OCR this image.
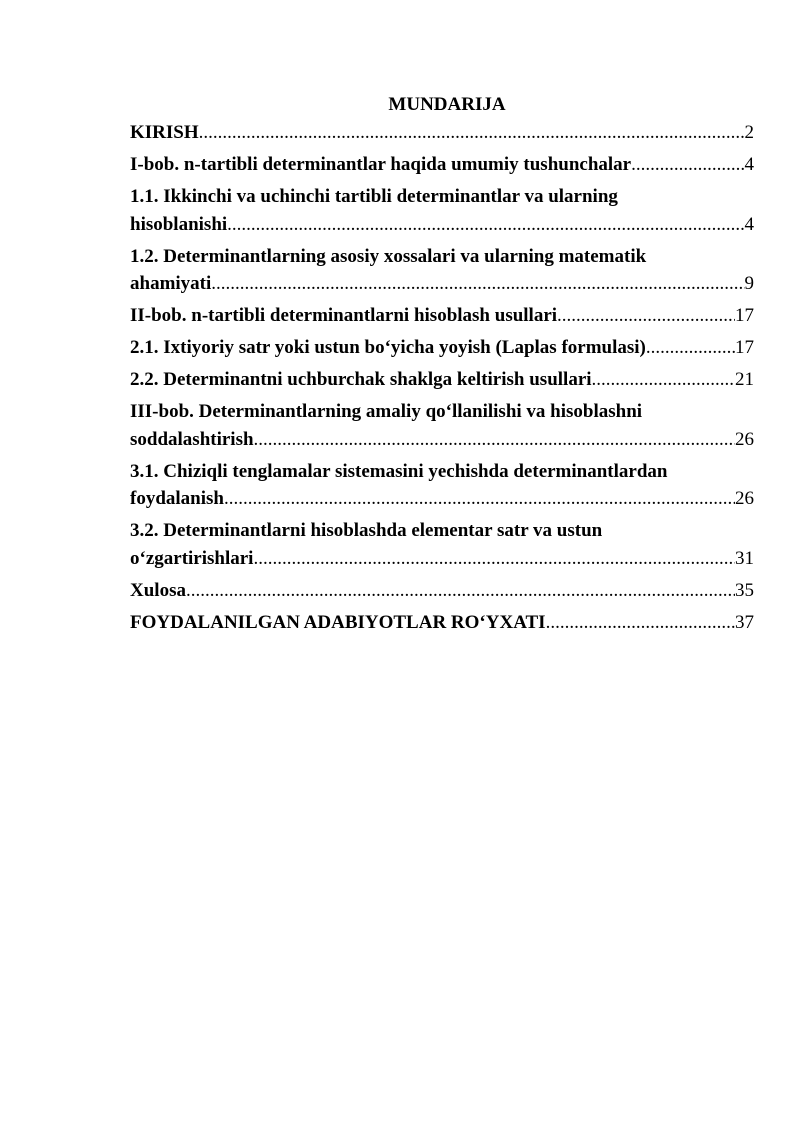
MUNDARIJA
KIRISH .....	2
I-bob. n-tartibli determinantlar haqida umumiy tushunchalar .....	4
1.1. Ikkinchi va uchinchi tartibli determinantlar va ularning
hisoblanishi .....	4
1.2. Determinantlarning asosiy xossalari va ularning matematik
ahamiyati .....	9
II-bob. n-tartibli determinantlarni hisoblash usullari .....	17
2.1. Ixtiyoriy satr yoki ustun bo‘yicha yoyish (Laplas formulasi) .....	17
2.2. Determinantni uchburchak shaklga keltirish usullari .....	21
III-bob. Determinantlarning amaliy qo‘llanilishi va hisoblashni
soddalashtirish .....	26
3.1. Chiziqli tenglamalar sistemasini yechishda determinantlardan
foydalanish .....	26
3.2. Determinantlarni hisoblashda elementar satr va ustun
o‘zgartirishlari .....	31
Xulosa .....	35
FOYDALANILGAN ADABIYOTLAR RO‘YXATI .....	37
